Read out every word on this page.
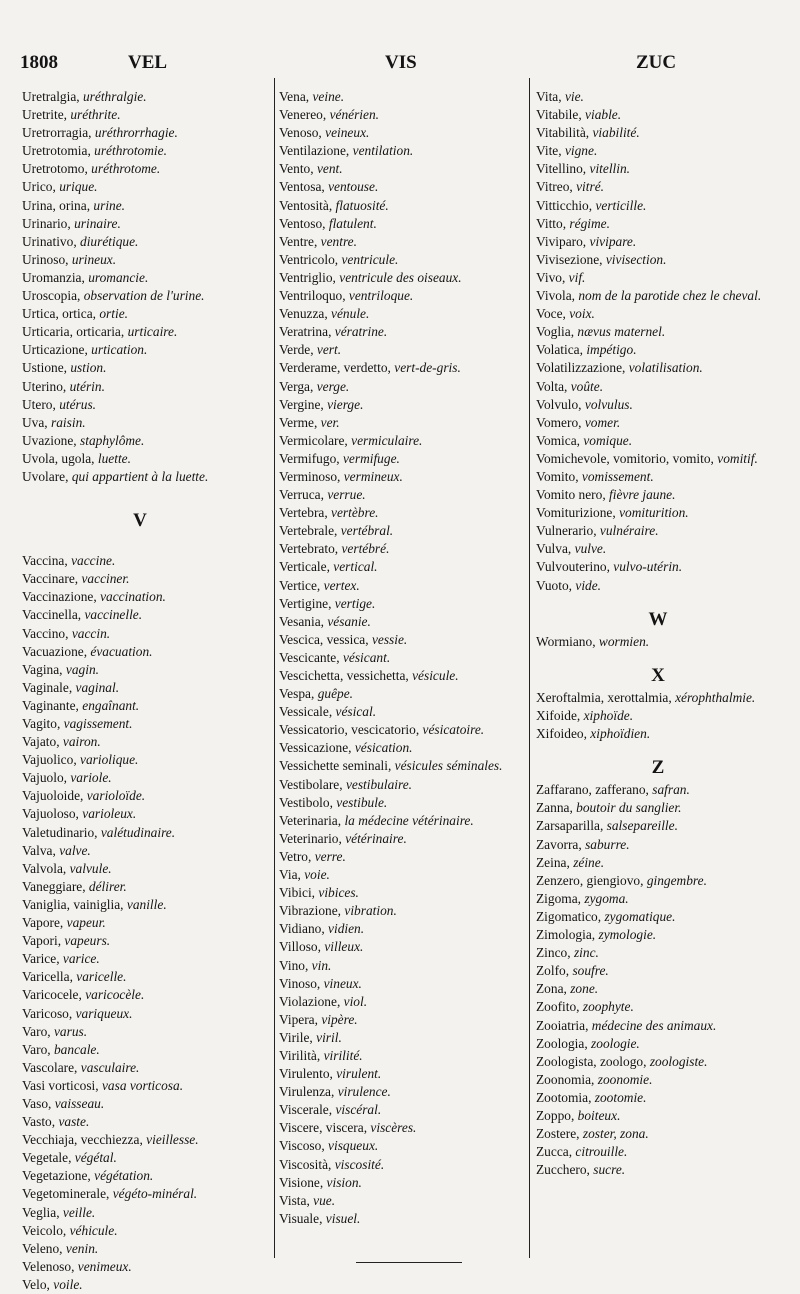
1808	VEL	VIS	ZUC
Uretralgia, uréthralgie.
Uretrite, uréthrite.
Uretrorragia, uréthrorrhagie.
Uretrotomia, uréthrotomie.
Uretrotomo, uréthrotome.
Urico, urique.
Urina, orina, urine.
Urinario, urinaire.
Urinativo, diurétique.
Urinoso, urineux.
Uromanzia, uromancie.
Uroscopia, observation de l'urine.
Urtica, ortica, ortie.
Urticaria, orticaria, urticaire.
Urticazione, urtication.
Ustione, ustion.
Uterino, utérin.
Utero, utérus.
Uva, raisin.
Uvazione, staphylôme.
Uvola, ugola, luette.
Uvolare, qui appartient à la luette.
V
Vaccina, vaccine.
Vaccinare, vacciner.
Vaccinazione, vaccination.
Vaccinella, vaccinelle.
Vaccino, vaccin.
Vacuazione, évacuation.
Vagina, vagin.
Vaginale, vaginal.
Vaginante, engaînant.
Vagito, vagissement.
Vajato, vairon.
Vajuolico, variolique.
Vajuolo, variole.
Vajuoloide, varioloïde.
Vajuoloso, varioleux.
Valetudinario, valétudinaire.
Valva, valve.
Valvola, valvule.
Vaneggiare, délirer.
Vaniglia, vainiglia, vanille.
Vapore, vapeur.
Vapori, vapeurs.
Varice, varice.
Varicella, varicelle.
Varicocele, varicocèle.
Varicoso, variqueux.
Varo, varus.
Varo, bancale.
Vascolare, vasculaire.
Vasi vorticosi, vasa vorticosa.
Vaso, vaisseau.
Vasto, vaste.
Vecchiaja, vecchiezza, vieillesse.
Vegetale, végétal.
Vegetazione, végétation.
Vegetominerale, végéto-minéral.
Veglia, veille.
Veicolo, véhicule.
Veleno, venin.
Velenoso, venimeux.
Velo, voile.
Vena, veine.
Venereo, vénérien.
Venoso, veineux.
Ventilazione, ventilation.
Vento, vent.
Ventosa, ventouse.
Ventosità, flatuosité.
Ventoso, flatulent.
Ventre, ventre.
Ventricolo, ventricule.
Ventriglio, ventricule des oiseaux.
Ventriloquo, ventriloque.
Venuzza, vénule.
Veratrina, vératrine.
Verde, vert.
Verderame, verdetto, vert-de-gris.
Verga, verge.
Vergine, vierge.
Verme, ver.
Vermicolare, vermiculaire.
Vermifugo, vermifuge.
Verminoso, vermineux.
Verruca, verrue.
Vertebra, vertèbre.
Vertebrale, vertébral.
Vertebrato, vertébré.
Verticale, vertical.
Vertice, vertex.
Vertigine, vertige.
Vesania, vésanie.
Vescica, vessica, vessie.
Vescicante, vésicant.
Vescichetta, vessichetta, vésicule.
Vespa, guêpe.
Vessicale, vésical.
Vessicatorio, vescicatorio, vésicatoire.
Vessicazione, vésication.
Vessichette seminali, vésicules séminales.
Vestibolare, vestibulaire.
Vestibolo, vestibule.
Veterinaria, la médecine vétérinaire.
Veterinario, vétérinaire.
Vetro, verre.
Via, voie.
Vibici, vibices.
Vibrazione, vibration.
Vidiano, vidien.
Villoso, villeux.
Vino, vin.
Vinoso, vineux.
Violazione, viol.
Vipera, vipère.
Virile, viril.
Virilità, virilité.
Virulento, virulent.
Virulenza, virulence.
Viscerale, viscéral.
Viscere, viscera, viscères.
Viscoso, visqueux.
Viscosità, viscosité.
Visione, vision.
Vista, vue.
Visuale, visuel.
Vita, vie.
Vitabile, viable.
Vitabilità, viabilité.
Vite, vigne.
Vitellino, vitellin.
Vitreo, vitré.
Vitticchio, verticille.
Vitto, régime.
Viviparo, vivipare.
Vivisezione, vivisection.
Vivo, vif.
Vivola, nom de la parotide chez le cheval.
Voce, voix.
Voglia, nævus maternel.
Volatica, impétigo.
Volatilizzazione, volatilisation.
Volta, voûte.
Volvulo, volvulus.
Vomero, vomer.
Vomica, vomique.
Vomichevole, vomitorio, vomito, vomitif.
Vomito, vomissement.
Vomito nero, fièvre jaune.
Vomiturizione, vomiturition.
Vulnerario, vulnéraire.
Vulva, vulve.
Vulvouterino, vulvo-utérin.
Vuoto, vide.
W
Wormiano, wormien.
X
Xeroftalmia, xerottalmia, xérophthalmie.
Xifoide, xiphoïde.
Xifoideo, xiphoïdien.
Z
Zaffarano, zafferano, safran.
Zanna, boutoir du sanglier.
Zarsaparilla, salsepareille.
Zavorra, saburre.
Zeina, zéine.
Zenzero, giengiovo, gingembre.
Zigoma, zygoma.
Zigomatico, zygomatique.
Zimologia, zymologie.
Zinco, zinc.
Zolfo, soufre.
Zona, zone.
Zoofito, zoophyte.
Zooiatria, médecine des animaux.
Zoologia, zoologie.
Zoologista, zoologo, zoologiste.
Zoonomia, zoonomie.
Zootomia, zootomie.
Zoppo, boiteux.
Zostere, zoster, zona.
Zucca, citrouille.
Zucchero, sucre.
